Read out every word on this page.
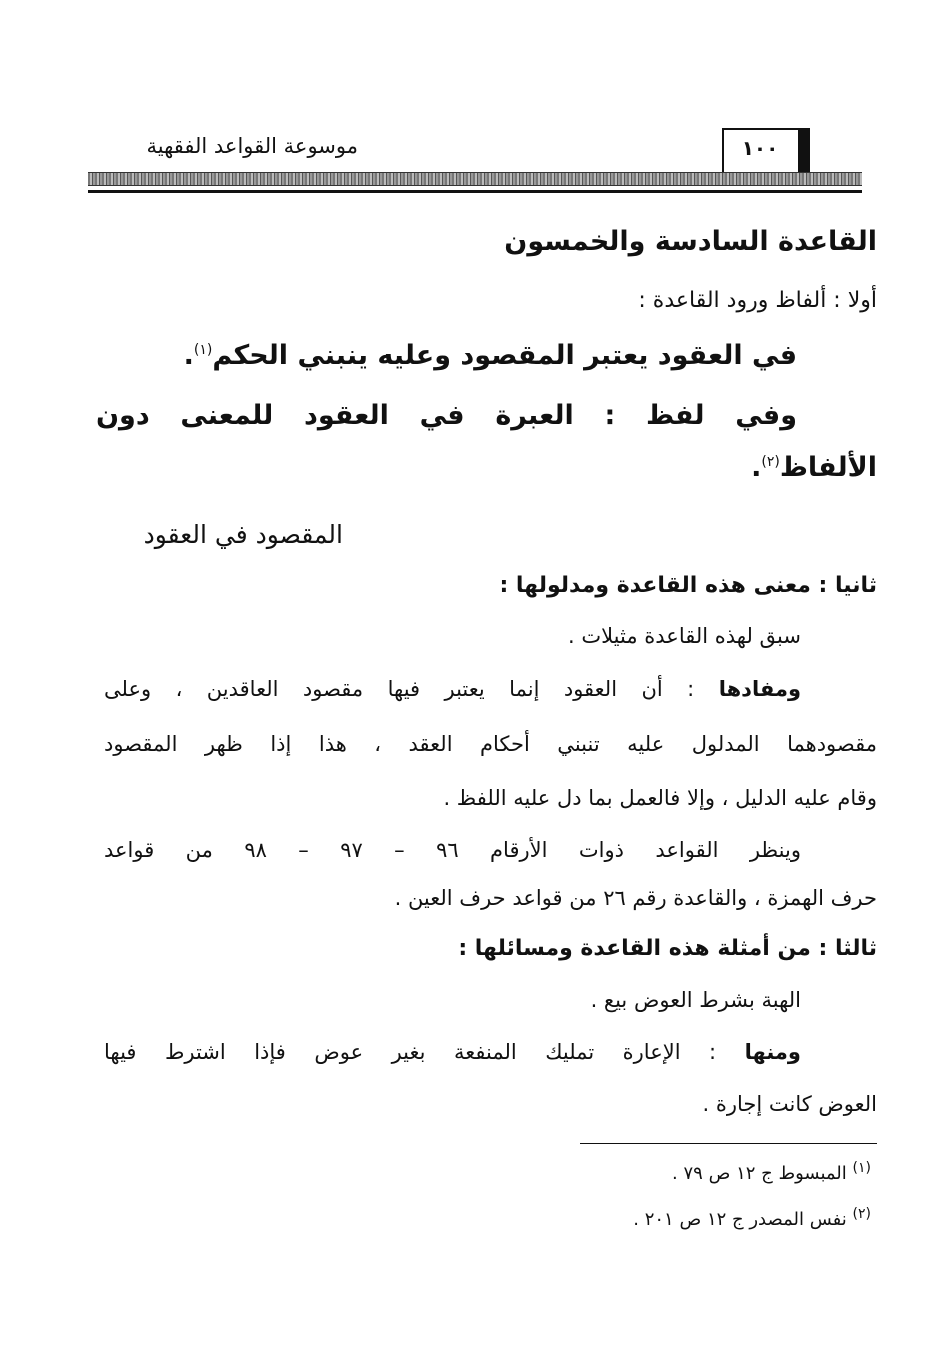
موسوعة القواعد الفقهية	١٠٠
القاعدة السادسة والخمسون
أولا : ألفاظ ورود القاعدة :
في العقود يعتبر المقصود وعليه ينبني الحكم$^{(١)}$.
وفي لفظ : العبرة في العقود للمعنى دون
الألفاظ$^{(٢)}$.
المقصود في العقود
ثانيا : معنى هذه القاعدة ومدلولها :
سبق لهذه القاعدة مثيلات .
ومفادها : أن العقود إنما يعتبر فيها مقصود العاقدين ، وعلى
مقصودهما المدلول عليه تنبني أحكام العقد ، هذا إذا ظهر المقصود
وقام عليه الدليل ، وإلا فالعمل بما دل عليه اللفظ .
وينظر القواعد ذوات الأرقام ٩٦ – ٩٧ – ٩٨ من قواعد
حرف الهمزة ، والقاعدة رقم ٢٦ من قواعد حرف العين .
ثالثا : من أمثلة هذه القاعدة ومسائلها :
الهبة بشرط العوض بيع .
ومنها : الإعارة تمليك المنفعة بغير عوض فإذا اشترط فيها
العوض كانت إجارة .
$^{(١)}$ المبسوط ج ١٢ ص ٧٩ .
$^{(٢)}$ نفس المصدر ج ١٢ ص ٢٠١ .
